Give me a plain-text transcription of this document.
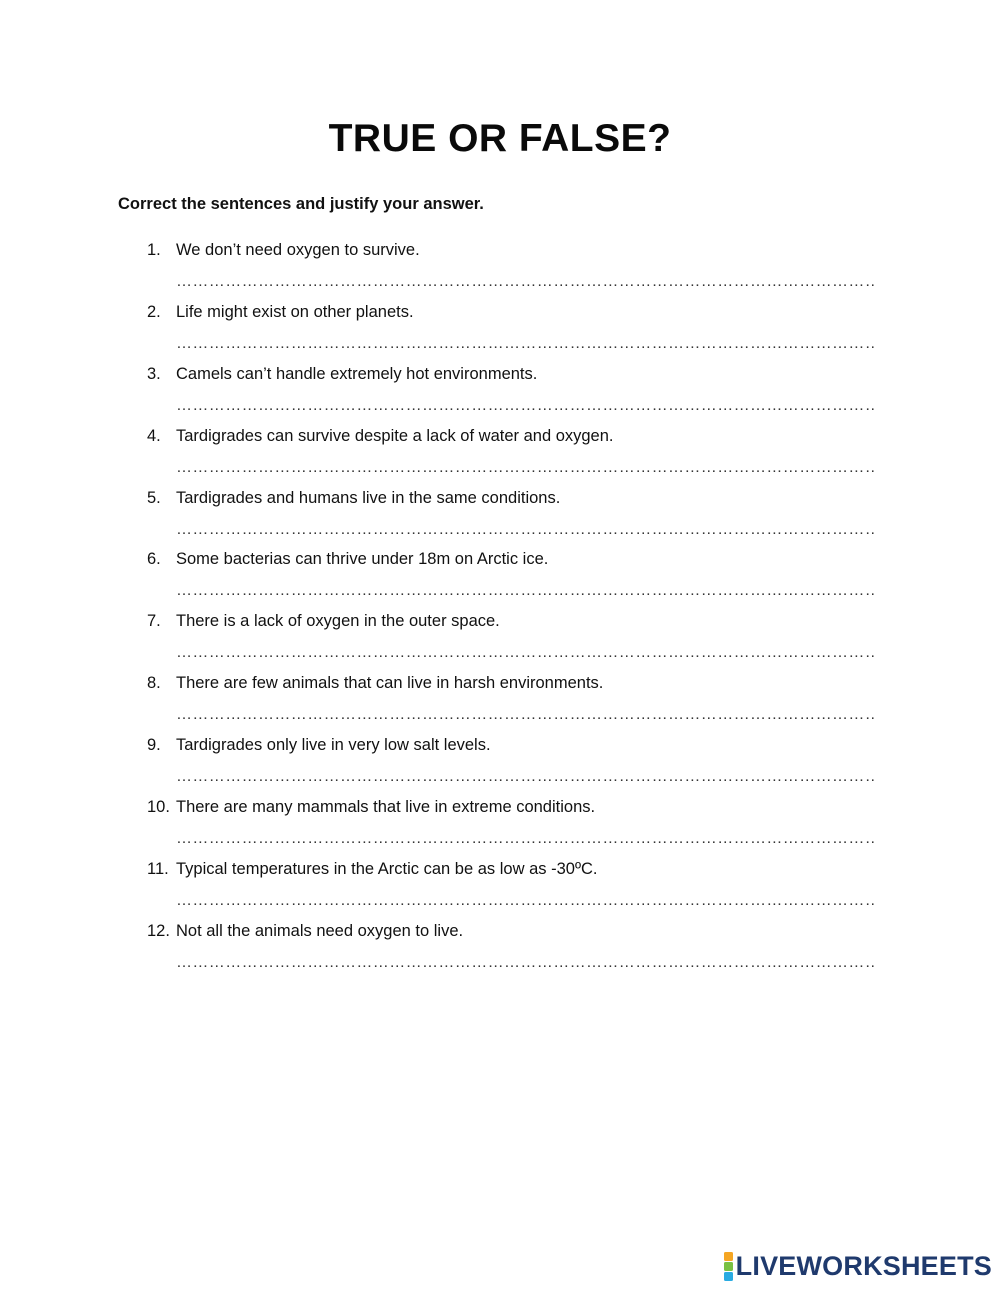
TRUE OR FALSE?

Correct the sentences and justify your answer.

1. We don’t need oxygen to survive.
………………………………………………………………………………………………………………………………
2. Life might exist on other planets.
………………………………………………………………………………………………………………………………
3. Camels can’t handle extremely hot environments.
………………………………………………………………………………………………………………………………
4. Tardigrades can survive despite a lack of water and oxygen.
………………………………………………………………………………………………………………………………
5. Tardigrades and humans live in the same conditions.
………………………………………………………………………………………………………………………………
6. Some bacterias can thrive under 18m on Arctic ice.
………………………………………………………………………………………………………………………………
7. There is a lack of oxygen in the outer space.
………………………………………………………………………………………………………………………………
8. There are few animals that can live in harsh environments.
………………………………………………………………………………………………………………………………
9. Tardigrades only live in very low salt levels.
………………………………………………………………………………………………………………………………
10. There are many mammals that live in extreme conditions.
………………………………………………………………………………………………………………………………
11. Typical temperatures in the Arctic can be as low as -30ºC.
………………………………………………………………………………………………………………………………
12. Not all the animals need oxygen to live.
………………………………………………………………………………………………………………………………
LIVEWORKSHEETS
